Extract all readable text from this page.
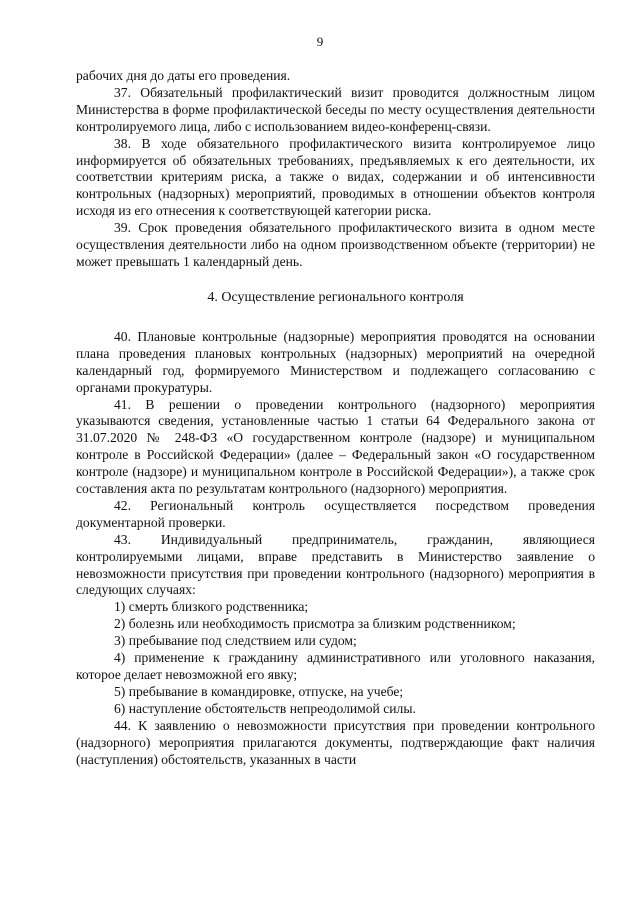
9

рабочих дня до даты его проведения.

37. Обязательный профилактический визит проводится должностным лицом Министерства в форме профилактической беседы по месту осуществления деятельности контролируемого лица, либо с использованием видео-конференц-связи.

38. В ходе обязательного профилактического визита контролируемое лицо информируется об обязательных требованиях, предъявляемых к его деятельности, их соответствии критериям риска, а также о видах, содержании и об интенсивности контрольных (надзорных) мероприятий, проводимых в отношении объектов контроля исходя из его отнесения к соответствующей категории риска.

39. Срок проведения обязательного профилактического визита в одном месте осуществления деятельности либо на одном производственном объекте (территории) не может превышать 1 календарный день.

4. Осуществление регионального контроля

40. Плановые контрольные (надзорные) мероприятия проводятся на основании плана проведения плановых контрольных (надзорных) мероприятий на очередной календарный год, формируемого Министерством и подлежащего согласованию с органами прокуратуры.

41. В решении о проведении контрольного (надзорного) мероприятия указываются сведения, установленные частью 1 статьи 64 Федерального закона от 31.07.2020 № 248-ФЗ «О государственном контроле (надзоре) и муниципальном контроле в Российской Федерации» (далее – Федеральный закон «О государственном контроле (надзоре) и муниципальном контроле в Российской Федерации»), а также срок составления акта по результатам контрольного (надзорного) мероприятия.

42. Региональный контроль осуществляется посредством проведения документарной проверки.

43. Индивидуальный предприниматель, гражданин, являющиеся контролируемыми лицами, вправе представить в Министерство заявление о невозможности присутствия при проведении контрольного (надзорного) мероприятия в следующих случаях:

1) смерть близкого родственника;

2) болезнь или необходимость присмотра за близким родственником;

3) пребывание под следствием или судом;

4) применение к гражданину административного или уголовного наказания, которое делает невозможной его явку;

5) пребывание в командировке, отпуске, на учебе;

6) наступление обстоятельств непреодолимой силы.

44. К заявлению о невозможности присутствия при проведении контрольного (надзорного) мероприятия прилагаются документы, подтверждающие факт наличия (наступления) обстоятельств, указанных в части
